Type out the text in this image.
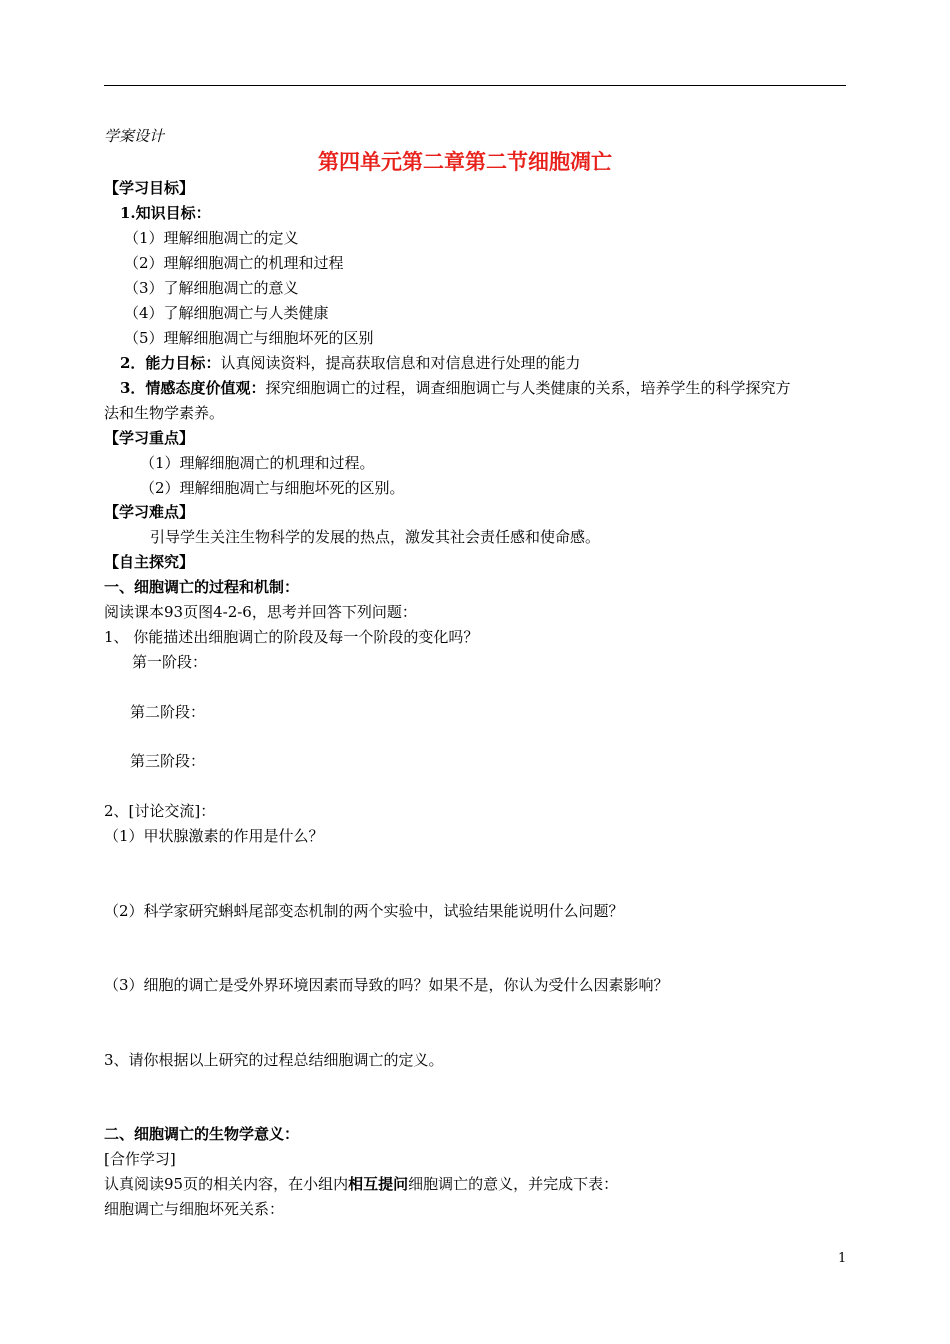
学案设计
第四单元第二章第二节细胞凋亡
【学习目标】
1.知识目标：
（1）理解细胞凋亡的定义
（2）理解细胞凋亡的机理和过程
（3）了解细胞凋亡的意义
（4）了解细胞凋亡与人类健康
（5）理解细胞凋亡与细胞坏死的区别
2．能力目标：认真阅读资料，提高获取信息和对信息进行处理的能力
3．情感态度价值观：探究细胞调亡的过程，调查细胞调亡与人类健康的关系，培养学生的科学探究方
法和生物学素养。
【学习重点】
（1）理解细胞凋亡的机理和过程。
（2）理解细胞凋亡与细胞坏死的区别。
【学习难点】
引导学生关注生物科学的发展的热点，激发其社会责任感和使命感。
【自主探究】
一、细胞调亡的过程和机制：
阅读课本93页图4-2-6，思考并回答下列问题：
1、 你能描述出细胞调亡的阶段及每一个阶段的变化吗？
第一阶段：
第二阶段：
第三阶段：
2、[讨论交流]：
（1）甲状腺激素的作用是什么？
（2）科学家研究蝌蚪尾部变态机制的两个实验中，试验结果能说明什么问题？
（3）细胞的调亡是受外界环境因素而导致的吗？如果不是，你认为受什么因素影响？
3、请你根据以上研究的过程总结细胞调亡的定义。
二、细胞调亡的生物学意义：
[合作学习]
认真阅读95页的相关内容，在小组内相互提问细胞调亡的意义，并完成下表：
细胞调亡与细胞坏死关系：
1
